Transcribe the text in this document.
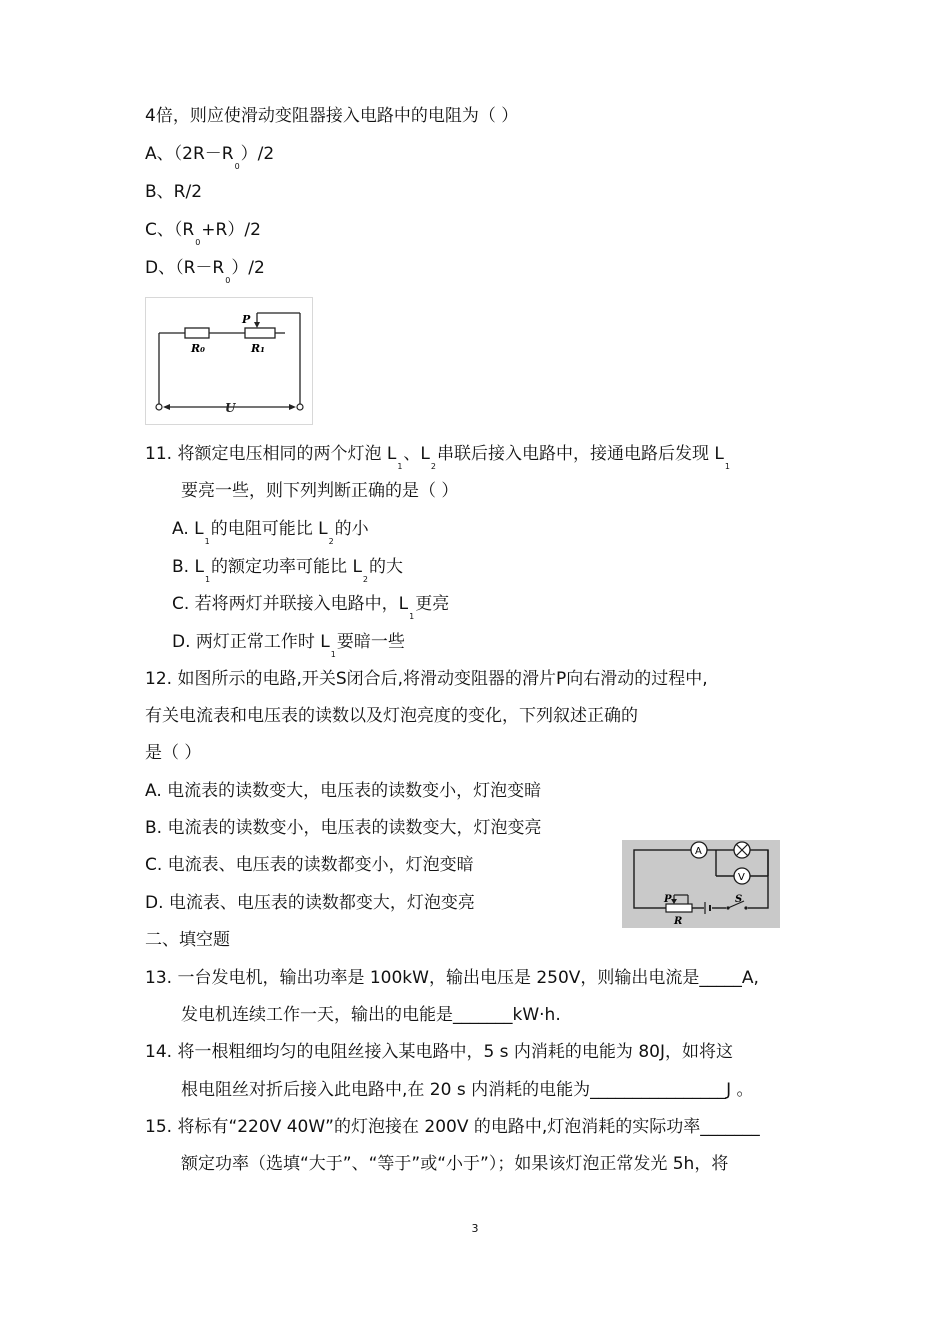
4倍，则应使滑动变阻器接入电路中的电阻为（ ）
A、$(2R-R_0)/2$
B、R/2
C、$(R_0+R)/2$
D、$(R-R_0)/2$
P
R₀	R₁
U
11. 将额定电压相同的两个灯泡 $L_1$、$L_2$串联后接入电路中，接通电路后发现 $L_1$
要亮一些，则下列判断正确的是（ ）
A. $L_1$的电阻可能比 $L_2$的小
B. $L_1$的额定功率可能比 $L_2$的大
C. 若将两灯并联接入电路中，$L_1$更亮
D. 两灯正常工作时 $L_1$要暗一些
12. 如图所示的电路,开关S闭合后,将滑动变阻器的滑片P向右滑动的过程中,
有关电流表和电压表的读数以及灯泡亮度的变化，下列叙述正确的
是（ ）
A. 电流表的读数变大，电压表的读数变小，灯泡变暗
B. 电流表的读数变小，电压表的读数变大，灯泡变亮
C. 电流表、电压表的读数都变小，灯泡变暗
D. 电流表、电压表的读数都变大，灯泡变亮
A
V
P
R
S
二、填空题
13. 一台发电机，输出功率是 100kW，输出电压是 250V，则输出电流是_____A,
发电机连续工作一天，输出的电能是_______kW·h.
14. 将一根粗细均匀的电阻丝接入某电路中，5 s 内消耗的电能为 80J，如将这
根电阻丝对折后接入此电路中,在 20 s 内消耗的电能为________________J 。
15. 将标有“220V 40W”的灯泡接在 200V 的电路中,灯泡消耗的实际功率_______
额定功率（选填“大于”、“等于”或“小于”）；如果该灯泡正常发光 5h，将
3
